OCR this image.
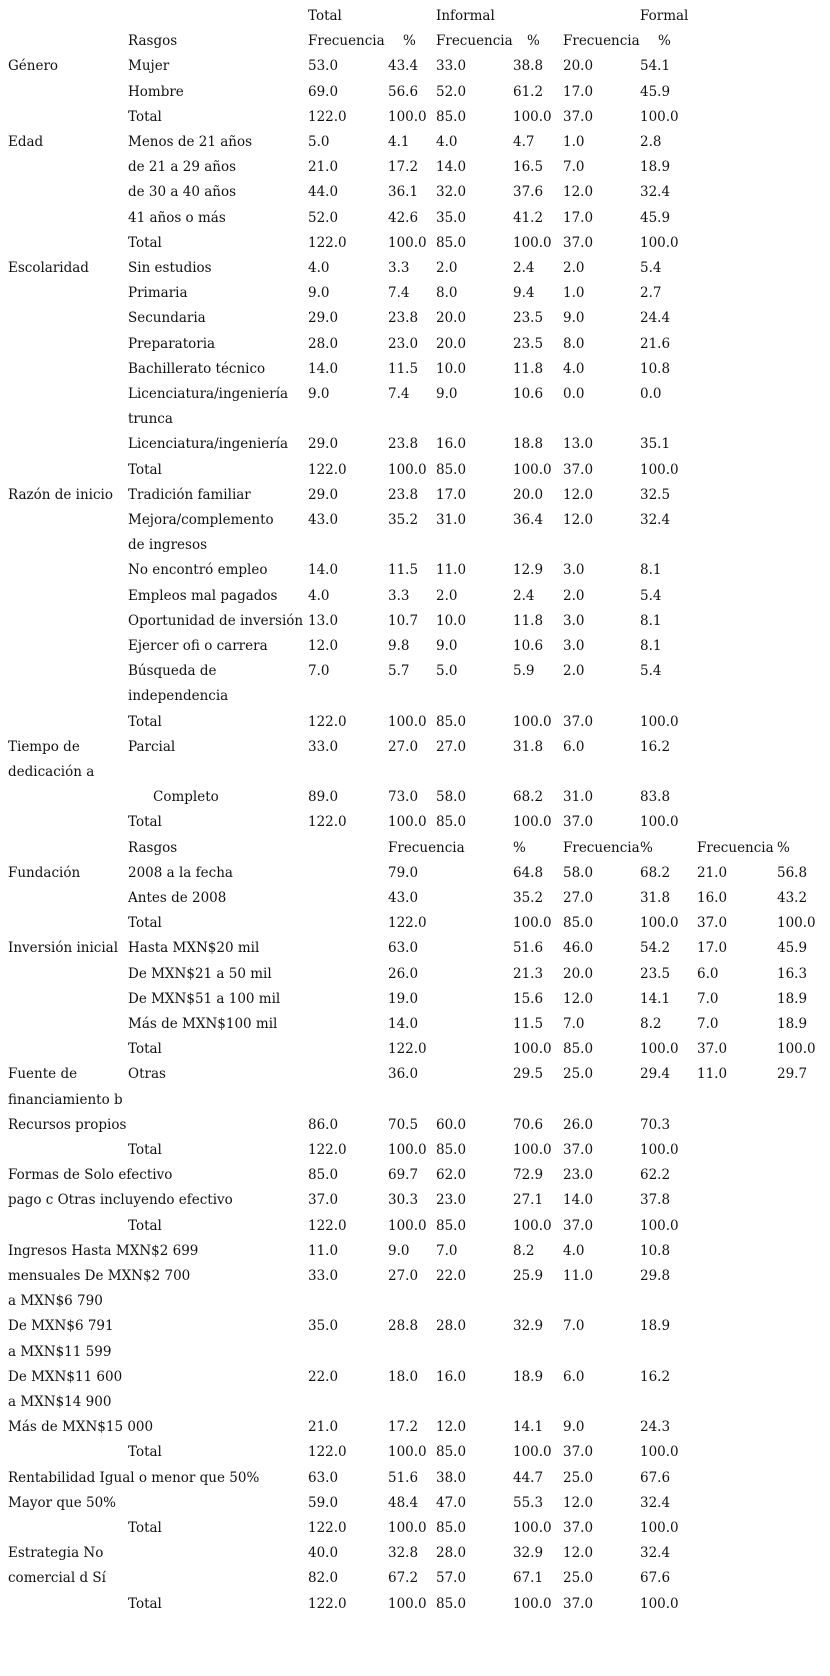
Total	Informal	Formal
Rasgos	Frecuencia % Frecuencia % Frecuencia %
Género	Mujer	53.0	43.4 33.0	38.8 20.0	54.1
Hombre	69.0	56.6 52.0	61.2 17.0	45.9
Total	122.0	100.0 85.0	100.0 37.0	100.0
Edad	Menos de 21 años	5.0	4.1 4.0	4.7 1.0	2.8
de 21 a 29 años	21.0	17.2 14.0	16.5 7.0	18.9
de 30 a 40 años	44.0	36.1 32.0	37.6 12.0	32.4
41 años o más	52.0	42.6 35.0	41.2 17.0	45.9
Total	122.0	100.0 85.0	100.0 37.0	100.0
Escolaridad	Sin estudios	4.0	3.3 2.0	2.4 2.0	5.4
Primaria	9.0	7.4 8.0	9.4 1.0	2.7
Secundaria	29.0	23.8 20.0	23.5 9.0	24.4
Preparatoria	28.0	23.0 20.0	23.5 8.0	21.6
Bachillerato técnico	14.0	11.5 10.0	11.8 4.0	10.8
Licenciatura/ingeniería 9.0	7.4 9.0	10.6 0.0	0.0
trunca
Licenciatura/ingeniería 29.0	23.8 16.0	18.8 13.0	35.1
Total	122.0	100.0 85.0	100.0 37.0	100.0
Razón de inicio Tradición familiar	29.0	23.8 17.0	20.0 12.0	32.5
Mejora/complemento	43.0	35.2 31.0	36.4 12.0	32.4
de ingresos
No encontró empleo	14.0	11.5 11.0	12.9 3.0	8.1
Empleos mal pagados 4.0	3.3 2.0	2.4 2.0	5.4
Oportunidad de inversión 13.0	10.7 10.0	11.8 3.0	8.1
Ejercer ofi o carrera	12.0	9.8 9.0	10.6 3.0	8.1
Búsqueda de	7.0	5.7 5.0	5.9 2.0	5.4
independencia
Total	122.0	100.0 85.0	100.0 37.0	100.0
Tiempo de	Parcial	33.0	27.0 27.0	31.8 6.0	16.2
dedicación a
Completo	89.0	73.0 58.0	68.2 31.0	83.8
Total	122.0	100.0 85.0	100.0 37.0	100.0
Rasgos	Frecuencia	%	Frecuencia %	Frecuencia %
Fundación	2008 a la fecha	79.0	64.8 58.0	68.2 21.0	56.8
Antes de 2008	43.0	35.2 27.0	31.8 16.0	43.2
Total	122.0	100.0 85.0	100.0 37.0	100.0
Inversión inicial Hasta MXN$20 mil	63.0	51.6 46.0	54.2 17.0	45.9
De MXN$21 a 50 mil	26.0	21.3 20.0	23.5 6.0	16.3
De MXN$51 a 100 mil	19.0	15.6 12.0	14.1 7.0	18.9
Más de MXN$100 mil	14.0	11.5 7.0	8.2	7.0	18.9
Total	122.0	100.0 85.0	100.0 37.0	100.0
Fuente de	Otras	36.0	29.5 25.0	29.4 11.0	29.7
financiamiento b
Recursos propios	86.0	70.5 60.0	70.6 26.0	70.3
Total	122.0	100.0 85.0	100.0 37.0	100.0
Formas de Solo efectivo	85.0	69.7 62.0	72.9 23.0	62.2
pago c Otras incluyendo efectivo	37.0	30.3 23.0	27.1 14.0	37.8
Total	122.0	100.0 85.0	100.0 37.0	100.0
Ingresos Hasta MXN$2 699	11.0	9.0 7.0	8.2 4.0	10.8
mensuales De MXN$2 700	33.0	27.0 22.0	25.9 11.0	29.8
a MXN$6 790
De MXN$6 791	35.0	28.8 28.0	32.9 7.0	18.9
a MXN$11 599
De MXN$11 600	22.0	18.0 16.0	18.9 6.0	16.2
a MXN$14 900
Más de MXN$15 000	21.0	17.2 12.0	14.1 9.0	24.3
Total	122.0	100.0 85.0	100.0 37.0	100.0
Rentabilidad Igual o menor que 50%	63.0	51.6 38.0	44.7 25.0	67.6
Mayor que 50%	59.0	48.4 47.0	55.3 12.0	32.4
Total	122.0	100.0 85.0	100.0 37.0	100.0
Estrategia No	40.0	32.8 28.0	32.9 12.0	32.4
comercial d Sí	82.0	67.2 57.0	67.1 25.0	67.6
Total	122.0	100.0 85.0	100.0 37.0	100.0
